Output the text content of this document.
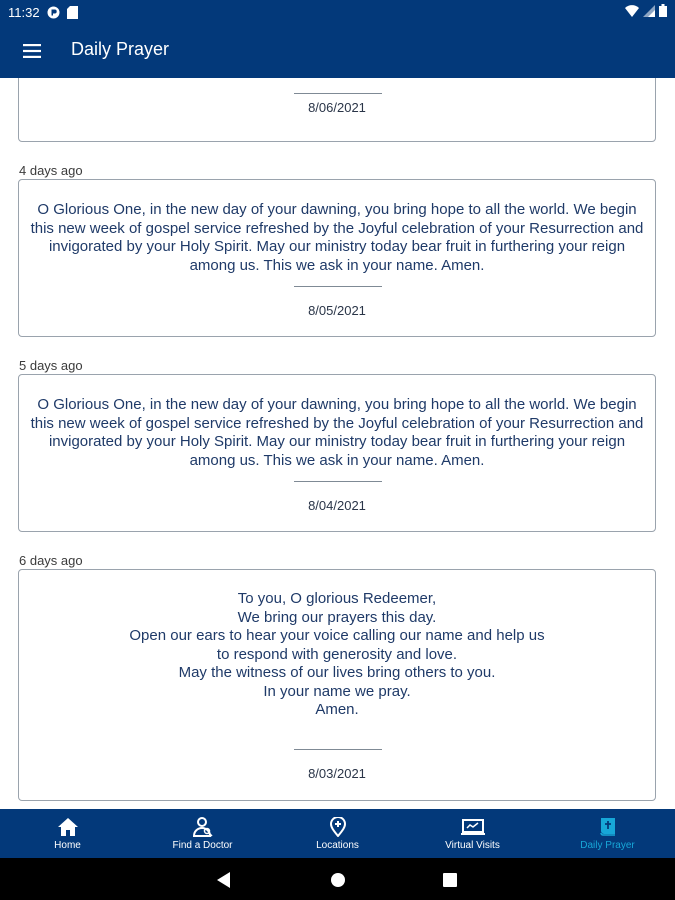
11:32
Daily Prayer
8/06/2021
4 days ago
O Glorious One, in the new day of your dawning, you bring hope to all the world. We begin this new week of gospel service refreshed by the Joyful celebration of your Resurrection and invigorated by your Holy Spirit. May our ministry today bear fruit in furthering your reign among us. This we ask in your name. Amen.
8/05/2021
5 days ago
O Glorious One, in the new day of your dawning, you bring hope to all the world. We begin this new week of gospel service refreshed by the Joyful celebration of your Resurrection and invigorated by your Holy Spirit. May our ministry today bear fruit in furthering your reign among us. This we ask in your name. Amen.
8/04/2021
6 days ago
To you, O glorious Redeemer,
We bring our prayers this day.
Open our ears to hear your voice calling our name and help us to respond with generosity and love.
May the witness of our lives bring others to you.
In your name we pray.
Amen.
8/03/2021
Home	Find a Doctor	Locations	Virtual Visits	Daily Prayer
